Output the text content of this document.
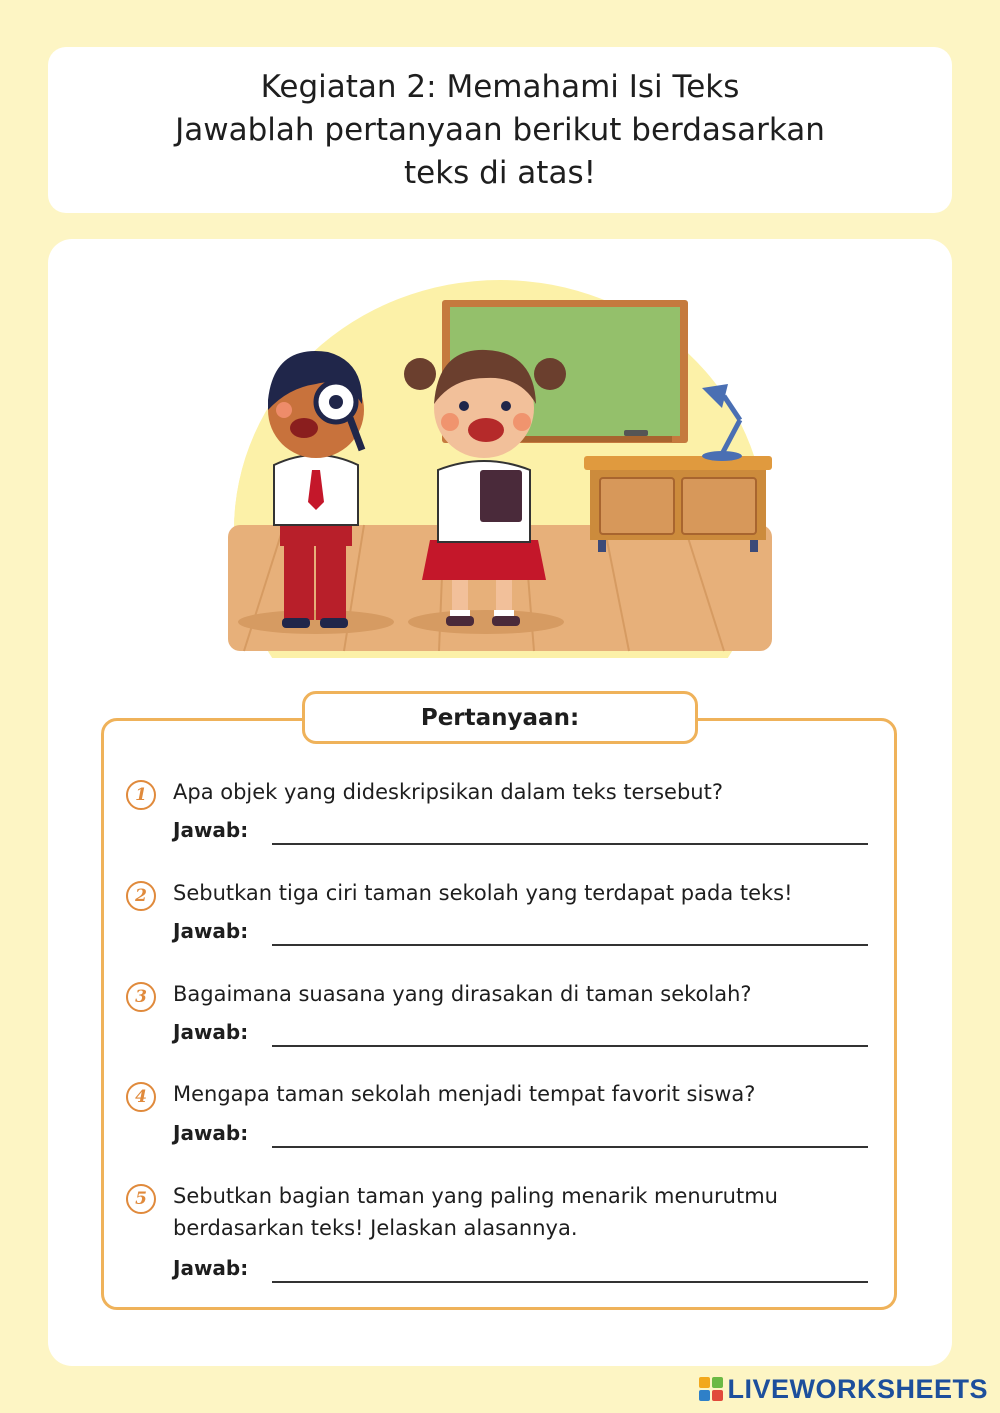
Kegiatan 2: Memahami Isi Teks
Jawablah pertanyaan berikut berdasarkan
teks di atas!
Pertanyaan:
1	Apa objek yang dideskripsikan dalam teks tersebut?
Jawab:
2	Sebutkan tiga ciri taman sekolah yang terdapat pada teks!
Jawab:
3	Bagaimana suasana yang dirasakan di taman sekolah?
Jawab:
4	Mengapa taman sekolah menjadi tempat favorit siswa?
Jawab:
5	Sebutkan bagian taman yang paling menarik menurutmu berdasarkan teks! Jelaskan alasannya.
Jawab:
LIVEWORKSHEETS
